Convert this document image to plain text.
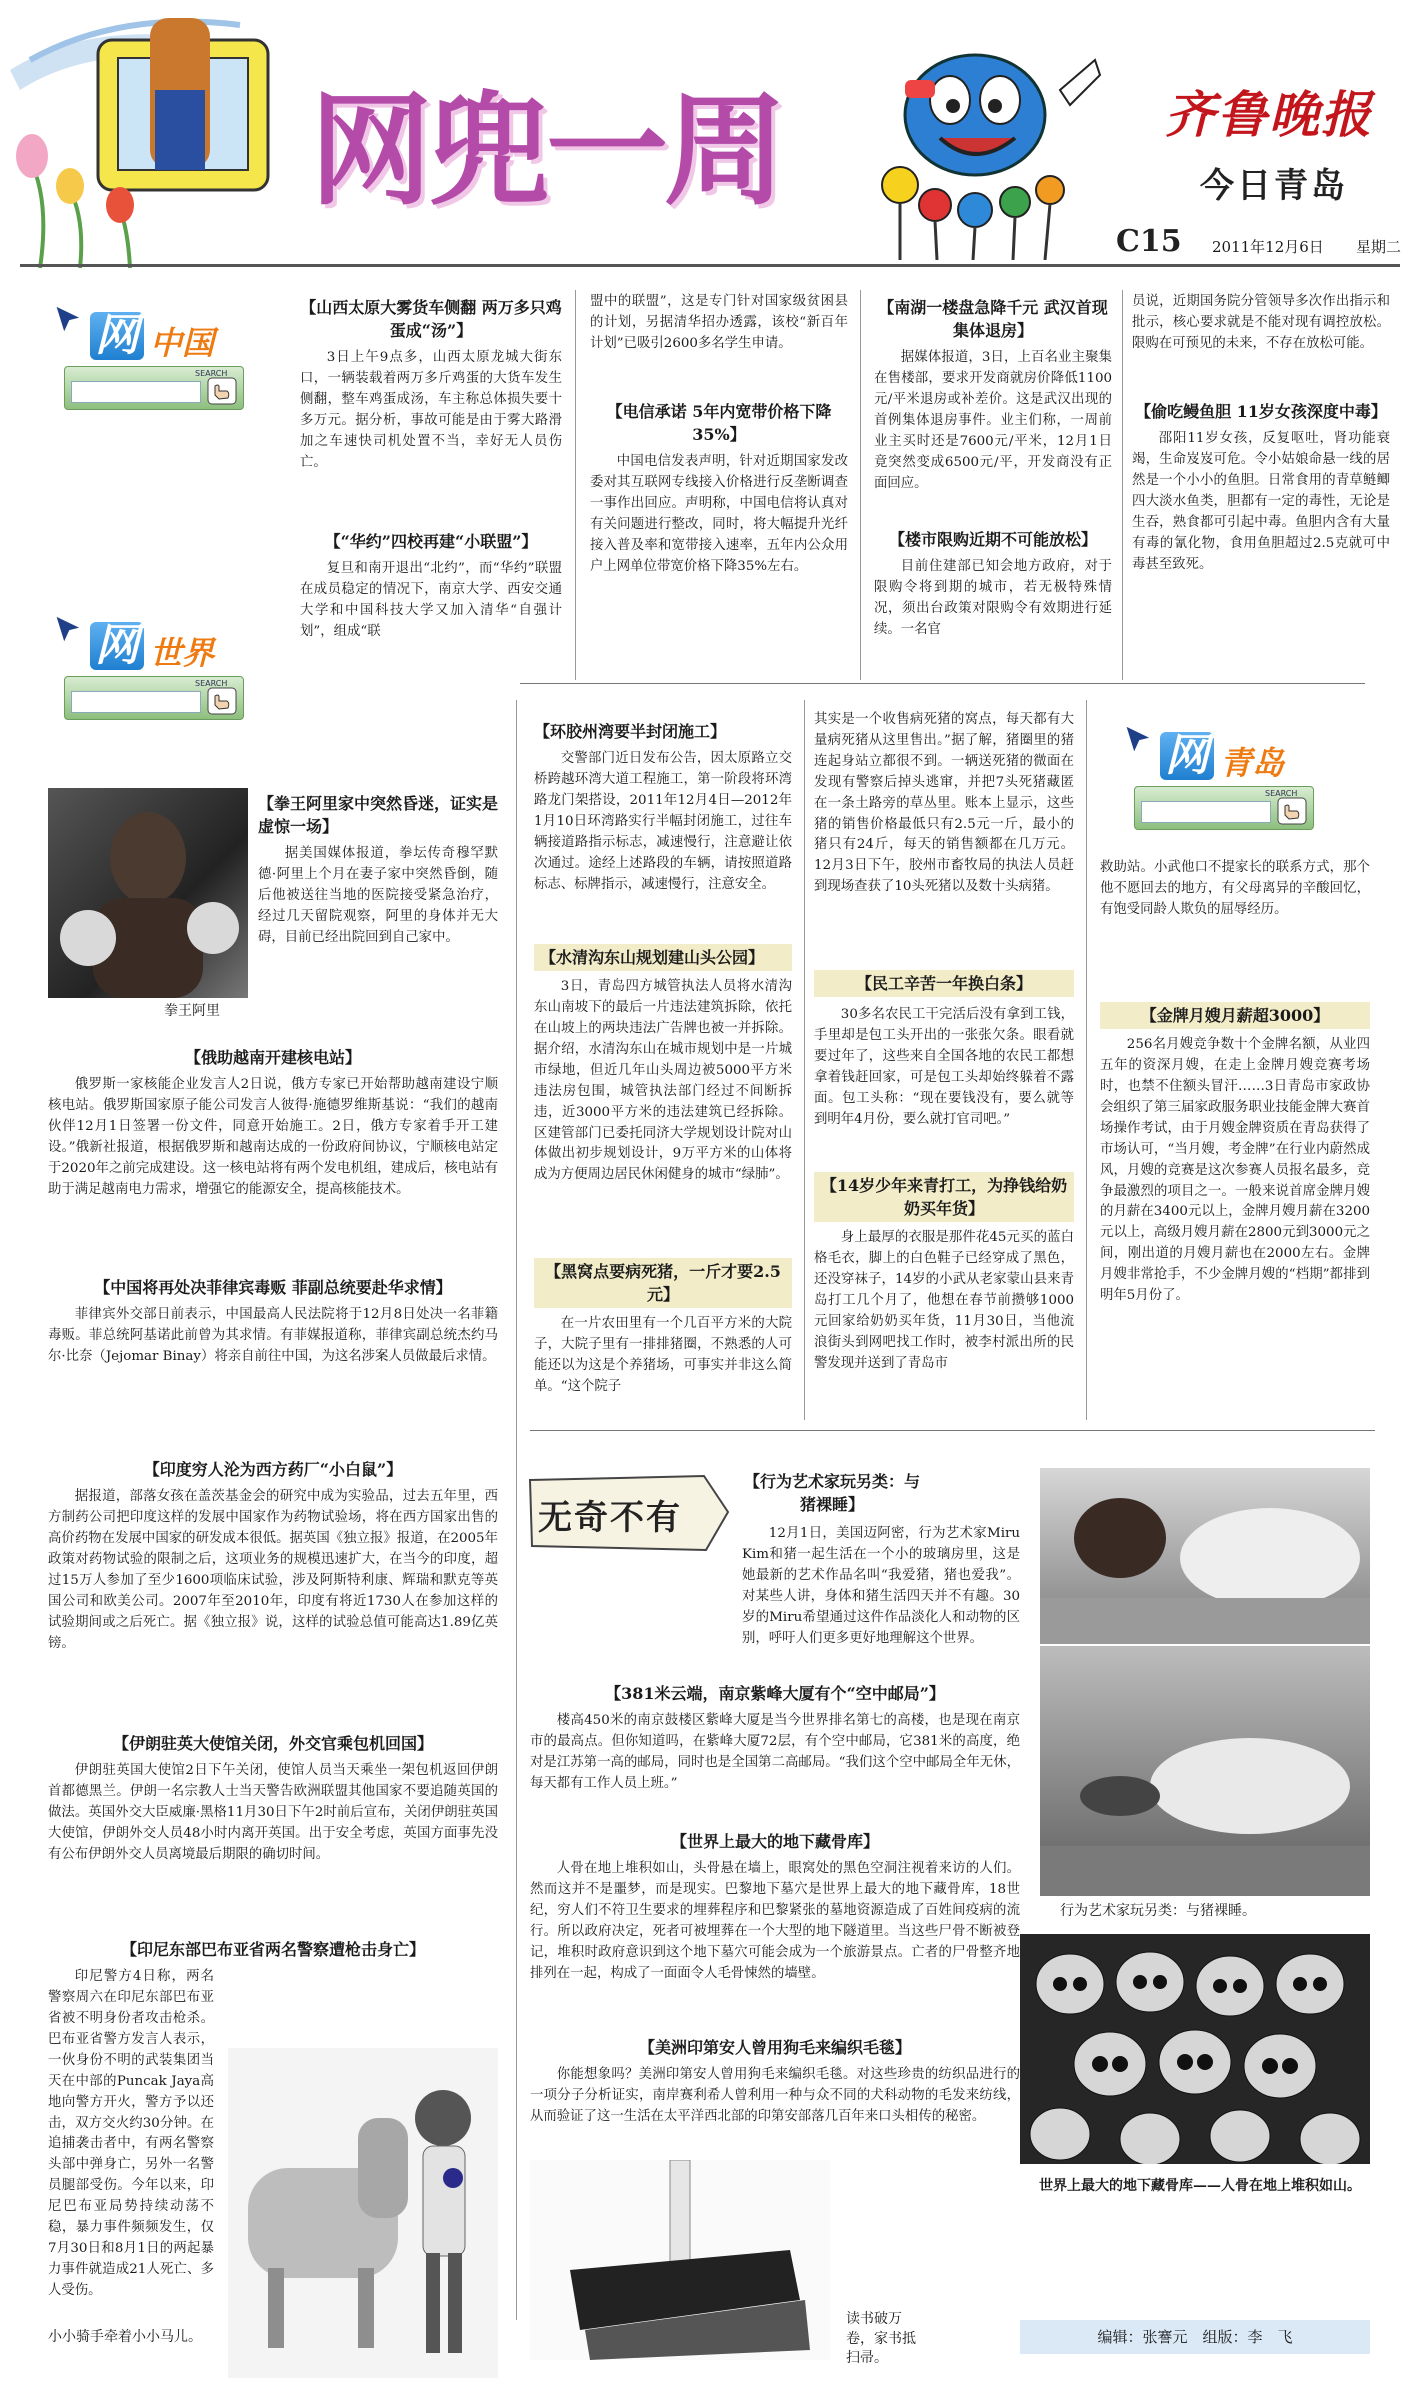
网兜一周	齐鲁晚报
今日青岛
C15 2011年12月6日 星期二
网 中国
SEARCH
【山西太原大雾货车侧翻 两万多只鸡蛋成“汤”】
3日上午9点多，山西太原龙城大街东口，一辆装载着两万多斤鸡蛋的大货车发生侧翻，整车鸡蛋成汤，车主称总体损失要十多万元。据分析，事故可能是由于雾大路滑加之车速快司机处置不当，幸好无人员伤亡。
【“华约”四校再建“小联盟”】
复旦和南开退出“北约”，而“华约”联盟在成员稳定的情况下，南京大学、西安交通大学和中国科技大学又加入清华“自强计划”，组成“联
盟中的联盟”，这是专门针对国家级贫困县的计划，另据清华招办透露，该校“新百年计划”已吸引2600多名学生申请。
【电信承诺 5年内宽带价格下降35%】
中国电信发表声明，针对近期国家发改委对其互联网专线接入价格进行反垄断调查一事作出回应。声明称，中国电信将认真对有关问题进行整改，同时，将大幅提升光纤接入普及率和宽带接入速率，五年内公众用户上网单位带宽价格下降35%左右。
【南湖一楼盘急降千元 武汉首现集体退房】
据媒体报道，3日，上百名业主聚集在售楼部，要求开发商就房价降低1100元/平米退房或补差价。这是武汉出现的首例集体退房事件。业主们称，一周前业主买时还是7600元/平米，12月1日竟突然变成6500元/平，开发商没有正面回应。
【楼市限购近期不可能放松】
目前住建部已知会地方政府，对于限购令将到期的城市，若无极特殊情况，须出台政策对限购令有效期进行延续。一名官
员说，近期国务院分管领导多次作出指示和批示，核心要求就是不能对现有调控放松。限购在可预见的未来，不存在放松可能。
【偷吃鳗鱼胆 11岁女孩深度中毒】
邵阳11岁女孩，反复呕吐，肾功能衰竭，生命岌岌可危。令小姑娘命悬一线的居然是一个小小的鱼胆。日常食用的青草鲢鲫四大淡水鱼类，胆都有一定的毒性，无论是生吞，熟食都可引起中毒。鱼胆内含有大量有毒的氰化物，食用鱼胆超过2.5克就可中毒甚至致死。
网 世界
SEARCH
拳王阿里
【拳王阿里家中突然昏迷，证实是虚惊一场】
据美国媒体报道，拳坛传奇穆罕默德·阿里上个月在妻子家中突然昏倒，随后他被送往当地的医院接受紧急治疗，经过几天留院观察，阿里的身体并无大碍，目前已经出院回到自己家中。
【俄助越南开建核电站】
俄罗斯一家核能企业发言人2日说，俄方专家已开始帮助越南建设宁顺核电站。俄罗斯国家原子能公司发言人彼得·施德罗维斯基说：“我们的越南伙伴12月1日签署一份文件，同意开始施工。2日，俄方专家着手开工建设。”俄新社报道，根据俄罗斯和越南达成的一份政府间协议，宁顺核电站定于2020年之前完成建设。这一核电站将有两个发电机组，建成后，核电站有助于满足越南电力需求，增强它的能源安全，提高核能技术。
【中国将再处决菲律宾毒贩 菲副总统要赴华求情】
菲律宾外交部日前表示，中国最高人民法院将于12月8日处决一名菲籍毒贩。菲总统阿基诺此前曾为其求情。有菲媒报道称，菲律宾副总统杰约马尔·比奈（Jejomar Binay）将亲自前往中国，为这名涉案人员做最后求情。
【印度穷人沦为西方药厂“小白鼠”】
据报道，部落女孩在盖茨基金会的研究中成为实验品，过去五年里，西方制药公司把印度这样的发展中国家作为药物试验场，将在西方国家出售的高价药物在发展中国家的研发成本很低。据英国《独立报》报道，在2005年政策对药物试验的限制之后，这项业务的规模迅速扩大，在当今的印度，超过15万人参加了至少1600项临床试验，涉及阿斯特利康、辉瑞和默克等英国公司和欧美公司。2007年至2010年，印度有将近1730人在参加这样的试验期间或之后死亡。据《独立报》说，这样的试验总值可能高达1.89亿英镑。
【伊朗驻英大使馆关闭，外交官乘包机回国】
伊朗驻英国大使馆2日下午关闭，使馆人员当天乘坐一架包机返回伊朗首都德黑兰。伊朗一名宗教人士当天警告欧洲联盟其他国家不要追随英国的做法。英国外交大臣威廉·黑格11月30日下午2时前后宣布，关闭伊朗驻英国大使馆，伊朗外交人员48小时内离开英国。出于安全考虑，英国方面事先没有公布伊朗外交人员离境最后期限的确切时间。
【印尼东部巴布亚省两名警察遭枪击身亡】
印尼警方4日称，两名警察周六在印尼东部巴布亚省被不明身份者攻击枪杀。巴布亚省警方发言人表示，一伙身份不明的武装集团当天在中部的Puncak Jaya高地向警方开火，警方予以还击，双方交火约30分钟。在追捕袭击者中，有两名警察头部中弹身亡，另外一名警员腿部受伤。今年以来，印尼巴布亚局势持续动荡不稳，暴力事件频频发生，仅7月30日和8月1日的两起暴力事件就造成21人死亡、多人受伤。
小小骑手牵着小小马儿。
【环胶州湾要半封闭施工】
交警部门近日发布公告，因太原路立交桥跨越环湾大道工程施工，第一阶段将环湾路龙门架搭设，2011年12月4日—2012年1月10日环湾路实行半幅封闭施工，过往车辆接道路指示标志，减速慢行，注意避让依次通过。途经上述路段的车辆，请按照道路标志、标牌指示，减速慢行，注意安全。
【水清沟东山规划建山头公园】
3日，青岛四方城管执法人员将水清沟东山南坡下的最后一片违法建筑拆除，依托在山坡上的两块违法广告牌也被一并拆除。据介绍，水清沟东山在城市规划中是一片城市绿地，但近几年山头周边被5000平方米违法房包围，城管执法部门经过不间断拆违，近3000平方米的违法建筑已经拆除。区建管部门已委托同济大学规划设计院对山体做出初步规划设计，9万平方米的山体将成为方便周边居民休闲健身的城市“绿肺”。
【黑窝点要病死猪，一斤才要2.5元】
在一片农田里有一个几百平方米的大院子，大院子里有一排排猪圈，不熟悉的人可能还以为这是个养猪场，可事实并非这么简单。“这个院子
其实是一个收售病死猪的窝点，每天都有大量病死猪从这里售出。”据了解，猪圈里的猪连起身站立都很不到。一辆送死猪的微面在发现有警察后掉头逃窜，并把7头死猪藏匿在一条土路旁的草丛里。账本上显示，这些猪的销售价格最低只有2.5元一斤，最小的猪只有24斤，每天的销售额都在几万元。12月3日下午，胶州市畜牧局的执法人员赶到现场查获了10头死猪以及数十头病猪。
【民工辛苦一年换白条】
30多名农民工干完活后没有拿到工钱，手里却是包工头开出的一张张欠条。眼看就要过年了，这些来自全国各地的农民工都想拿着钱赶回家，可是包工头却始终躲着不露面。包工头称：“现在要钱没有，要么就等到明年4月份，要么就打官司吧。”
【14岁少年来青打工，为挣钱给奶奶买年货】
身上最厚的衣服是那件花45元买的蓝白格毛衣，脚上的白色鞋子已经穿成了黑色，还没穿袜子，14岁的小武从老家蒙山县来青岛打工几个月了，他想在春节前攒够1000元回家给奶奶买年货，11月30日，当他流浪街头到网吧找工作时，被李村派出所的民警发现并送到了青岛市
网 青岛
SEARCH
救助站。小武他口不提家长的联系方式，那个他不愿回去的地方，有父母离异的辛酸回忆，有饱受同龄人欺负的屈辱经历。
【金牌月嫂月薪超3000】
256名月嫂竞争数十个金牌名额，从业四五年的资深月嫂，在走上金牌月嫂竞赛考场时，也禁不住额头冒汗……3日青岛市家政协会组织了第三届家政服务职业技能金牌大赛首场操作考试，由于月嫂金牌资质在青岛获得了市场认可，“当月嫂，考金牌”在行业内蔚然成风，月嫂的竞赛是这次参赛人员报名最多，竞争最激烈的项目之一。一般来说首席金牌月嫂的月薪在3400元以上，金牌月嫂月薪在3200元以上，高级月嫂月薪在2800元到3000元之间，刚出道的月嫂月薪也在2000左右。金牌月嫂非常抢手，不少金牌月嫂的“档期”都排到明年5月份了。
无奇不有
【行为艺术家玩另类：与猪裸睡】
12月1日，美国迈阿密，行为艺术家Miru Kim和猪一起生活在一个小的玻璃房里，这是她最新的艺术作品名叫“我爱猪，猪也爱我”。对某些人讲，身体和猪生活四天并不有趣。30岁的Miru希望通过这件作品淡化人和动物的区别，呼吁人们更多更好地理解这个世界。
【381米云端，南京紫峰大厦有个“空中邮局”】
楼高450米的南京鼓楼区紫峰大厦是当今世界排名第七的高楼，也是现在南京市的最高点。但你知道吗，在紫峰大厦72层，有个空中邮局，它381米的高度，绝对是江苏第一高的邮局，同时也是全国第二高邮局。“我们这个空中邮局全年无休，每天都有工作人员上班。”
【世界上最大的地下藏骨库】
人骨在地上堆积如山，头骨悬在墙上，眼窝处的黑色空洞注视着来访的人们。然而这并不是噩梦，而是现实。巴黎地下墓穴是世界上最大的地下藏骨库，18世纪，穷人们不符卫生要求的埋葬程序和巴黎紧张的墓地资源造成了百姓间疫病的流行。所以政府决定，死者可被埋葬在一个大型的地下隧道里。当这些尸骨不断被登记，堆积时政府意识到这个地下墓穴可能会成为一个旅游景点。亡者的尸骨整齐地排列在一起，构成了一面面令人毛骨悚然的墙壁。
【美洲印第安人曾用狗毛来编织毛毯】
你能想象吗？美洲印第安人曾用狗毛来编织毛毯。对这些珍贵的纺织品进行的一项分子分析证实，南岸赛利希人曾利用一种与众不同的犬科动物的毛发来纺线，从而验证了这一生活在太平洋西北部的印第安部落几百年来口头相传的秘密。
读书破万卷，家书抵扫帚。
行为艺术家玩另类：与猪裸睡。
世界上最大的地下藏骨库——人骨在地上堆积如山。
编辑：张謇元　组版：李　飞
